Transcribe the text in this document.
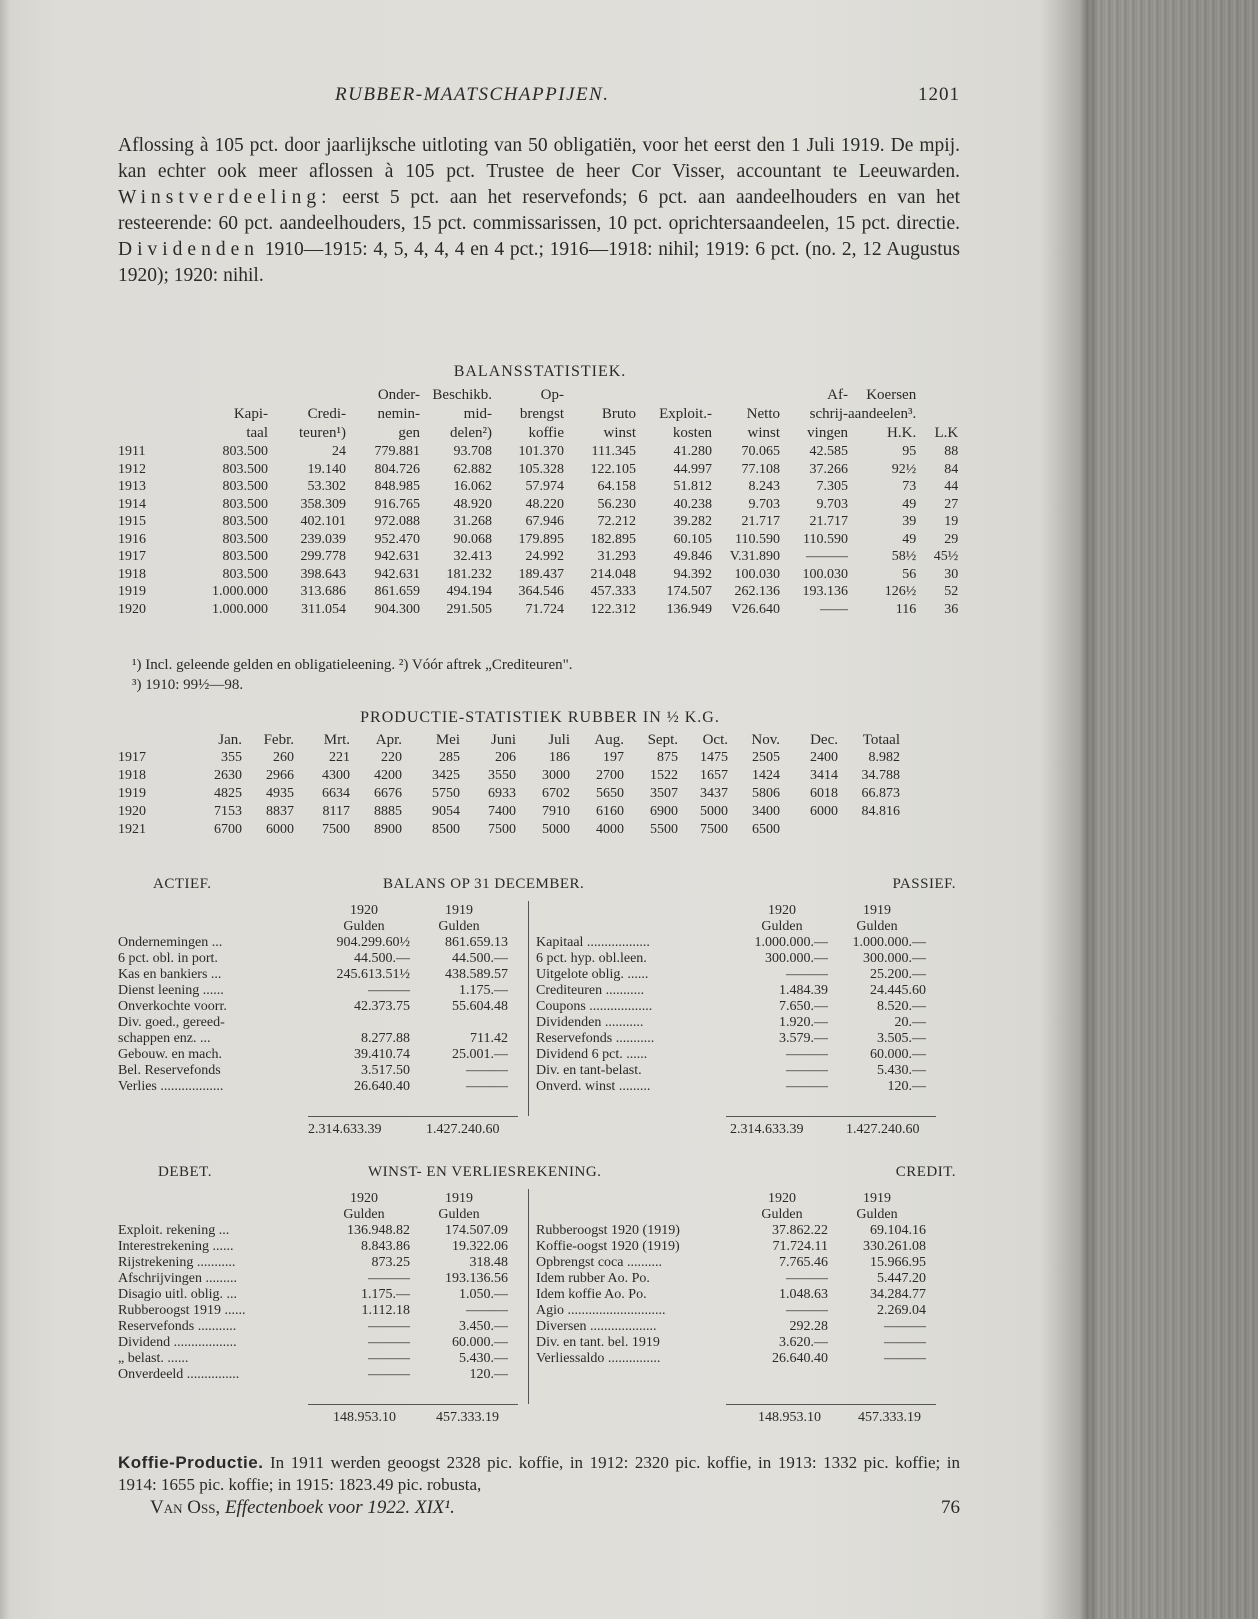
RUBBER-MAATSCHAPPIJEN.	1201
Aflossing à 105 pct. door jaarlijksche uitloting van 50 obligatiën, voor het eerst den 1 Juli 1919. De mpij. kan echter ook meer aflossen à 105 pct. Trustee de heer Cor Visser, accountant te Leeuwarden. Winstverdeeling: eerst 5 pct. aan het reservefonds; 6 pct. aan aandeelhouders en van het resteerende: 60 pct. aandeelhouders, 15 pct. commissarissen, 10 pct. oprichtersaandeelen, 15 pct. directie. Dividenden 1910—1915: 4, 5, 4, 4, 4 en 4 pct.; 1916—1918: nihil; 1919: 6 pct. (no. 2, 12 Augustus 1920); 1920: nihil.
BALANSSTATISTIEK.
			Onder-	Beschikb.	Op-				Af-	Koersen	
	Kapi-	Credi-	nemin-	mid-	brengst	Bruto	Exploit.-	Netto	schrij-	aandeelen³.	
	taal	teuren¹)	gen	delen²)	koffie	winst	kosten	winst	vingen	H.K.	L.K
1911	803.500	24	779.881	93.708	101.370	111.345	41.280	70.065	42.585	95	88
1912	803.500	19.140	804.726	62.882	105.328	122.105	44.997	77.108	37.266	92½	84
1913	803.500	53.302	848.985	16.062	57.974	64.158	51.812	8.243	7.305	73	44
1914	803.500	358.309	916.765	48.920	48.220	56.230	40.238	9.703	9.703	49	27
1915	803.500	402.101	972.088	31.268	67.946	72.212	39.282	21.717	21.717	39	19
1916	803.500	239.039	952.470	90.068	179.895	182.895	60.105	110.590	110.590	49	29
1917	803.500	299.778	942.631	32.413	24.992	31.293	49.846	V.31.890	———	58½	45½
1918	803.500	398.643	942.631	181.232	189.437	214.048	94.392	100.030	100.030	56	30
1919	1.000.000	313.686	861.659	494.194	364.546	457.333	174.507	262.136	193.136	126½	52
1920	1.000.000	311.054	904.300	291.505	71.724	122.312	136.949	V26.640	——	116	36
¹) Incl. geleende gelden en obligatieleening. ²) Vóór aftrek „Crediteuren".
³) 1910: 99½—98.
PRODUCTIE-STATISTIEK RUBBER IN ½ K.G.
	Jan.	Febr.	Mrt.	Apr.	Mei	Juni	Juli	Aug.	Sept.	Oct.	Nov.	Dec.	Totaal
1917	355	260	221	220	285	206	186	197	875	1475	2505	2400	8.982
1918	2630	2966	4300	4200	3425	3550	3000	2700	1522	1657	1424	3414	34.788
1919	4825	4935	6634	6676	5750	6933	6702	5650	3507	3437	5806	6018	66.873
1920	7153	8837	8117	8885	9054	7400	7910	6160	6900	5000	3400	6000	84.816
1921	6700	6000	7500	8900	8500	7500	5000	4000	5500	7500	6500		
ACTIEF.	BALANS OP 31 DECEMBER.	PASSIEF.
	1920	1919
	Gulden	Gulden
Ondernemingen ...	904.299.60½	861.659.13
6 pct. obl. in port.	44.500.—	44.500.—
Kas en bankiers ...	245.613.51½	438.589.57
Dienst leening ......	———	1.175.—
Onverkochte voorr.	42.373.75	55.604.48
Div. goed., gereed-		
schappen enz. ...	8.277.88	711.42
Gebouw. en mach.	39.410.74	25.001.—
Bel. Reservefonds	3.517.50	———
Verlies ..................	26.640.40	———
	1920	1919
	Gulden	Gulden
Kapitaal ..................	1.000.000.—	1.000.000.—
6 pct. hyp. obl.leen.	300.000.—	300.000.—
Uitgelote oblig. ......	———	25.200.—
Crediteuren ...........	1.484.39	24.445.60
Coupons ..................	7.650.—	8.520.—
Dividenden ...........	1.920.—	20.—
Reservefonds ...........	3.579.—	3.505.—
Dividend 6 pct. ......	———	60.000.—
Div. en tant-belast.	———	5.430.—
Onverd. winst .........	———	120.—
2.314.633.39	1.427.240.60	2.314.633.39	1.427.240.60
DEBET.	WINST- EN VERLIESREKENING.	CREDIT.
	1920	1919
	Gulden	Gulden
Exploit. rekening ...	136.948.82	174.507.09
Interestrekening ......	8.843.86	19.322.06
Rijstrekening ...........	873.25	318.48
Afschrijvingen .........	———	193.136.56
Disagio uitl. oblig. ...	1.175.—	1.050.—
Rubberoogst 1919 ......	1.112.18	———
Reservefonds ...........	———	3.450.—
Dividend ..................	———	60.000.—
„ belast. ......	———	5.430.—
Onverdeeld ...............	———	120.—
	1920	1919
	Gulden	Gulden
Rubberoogst 1920 (1919)	37.862.22	69.104.16
Koffie-oogst 1920 (1919)	71.724.11	330.261.08
Opbrengst coca ..........	7.765.46	15.966.95
Idem rubber Ao. Po.	———	5.447.20
Idem koffie Ao. Po.	1.048.63	34.284.77
Agio ............................	———	2.269.04
Diversen ...................	292.28	———
Div. en tant. bel. 1919	3.620.—	———
Verliessaldo ...............	26.640.40	———
148.953.10	457.333.19	148.953.10	457.333.19
Koffie-Productie. In 1911 werden geoogst 2328 pic. koffie, in 1912: 2320 pic. koffie, in 1913: 1332 pic. koffie; in 1914: 1655 pic. koffie; in 1915: 1823.49 pic. robusta,
Van Oss, Effectenboek voor 1922. XIX¹.	76
